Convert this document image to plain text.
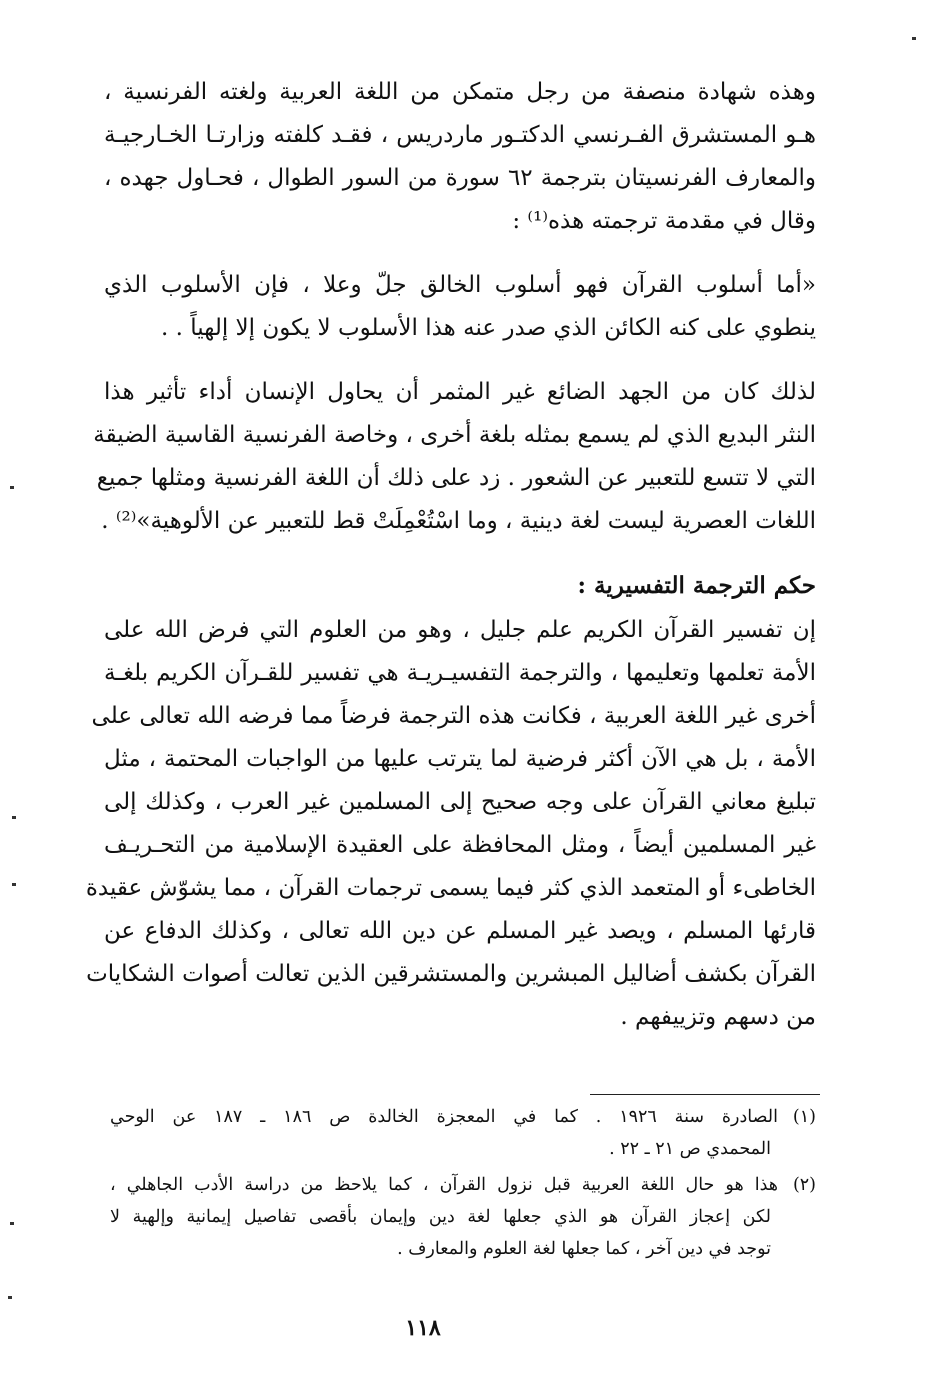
وهذه شهادة منصفة من رجل متمكن من اللغة العربية ولغته الفرنسية ،

هـو المستشرق الفـرنسي الدكتـور ماردريس ، فقـد كلفته وزارتـا الخـارجيـة

والمعارف الفرنسيتان بترجمة ٦٢ سورة من السور الطوال ، فحـاول جهده ،

وقال في مقدمة ترجمته هذه⁽¹⁾ :

«أما أسلوب القرآن فهو أسلوب الخالق جلّ وعلا ، فإن الأسلوب الذي

ينطوي على كنه الكائن الذي صدر عنه هذا الأسلوب لا يكون إلا إلهياً . .

لذلك كان من الجهد الضائع غير المثمر أن يحاول الإنسان أداء تأثير هذا

النثر البديع الذي لم يسمع بمثله بلغة أخرى ، وخاصة الفرنسية القاسية الضيقة

التي لا تتسع للتعبير عن الشعور . زد على ذلك أن اللغة الفرنسية ومثلها جميع

اللغات العصرية ليست لغة دينية ، وما اسْتُعْمِلَتْ قط للتعبير عن الألوهية»⁽²⁾ .

حكم الترجمة التفسيرية :

إن تفسير القرآن الكريم علم جليل ، وهو من العلوم التي فرض الله على

الأمة تعلمها وتعليمها ، والترجمة التفسيـريـة هي تفسير للقـرآن الكريم بلغـة

أخرى غير اللغة العربية ، فكانت هذه الترجمة فرضاً مما فرضه الله تعالى على

الأمة ، بل هي الآن أكثر فرضية لما يترتب عليها من الواجبات المحتمة ، مثل

تبليغ معاني القرآن على وجه صحيح إلى المسلمين غير العرب ، وكذلك إلى

غير المسلمين أيضاً ، ومثل المحافظة على العقيدة الإسلامية من التحـريـف

الخاطىء أو المتعمد الذي كثر فيما يسمى ترجمات القرآن ، مما يشوّش عقيدة

قارئها المسلم ، ويصد غير المسلم عن دين الله تعالى ، وكذلك الدفاع عن

القرآن بكشف أضاليل المبشرين والمستشرقين الذين تعالت أصوات الشكايات

من دسهم وتزييفهم .

(١)الصادرة سنة ١٩٢٦ . كما في المعجزة الخالدة ص ١٨٦ ـ ١٨٧ عن الوحي

المحمدي ص ٢١ ـ ٢٢ .

(٢)هذا هو حال اللغة العربية قبل نزول القرآن ، كما يلاحظ من دراسة الأدب الجاهلي ،

لكن إعجاز القرآن هو الذي جعلها لغة دين وإيمان بأقصى تفاصيل إيمانية وإلهية لا

توجد في دين آخر ، كما جعلها لغة العلوم والمعارف .

١١٨
